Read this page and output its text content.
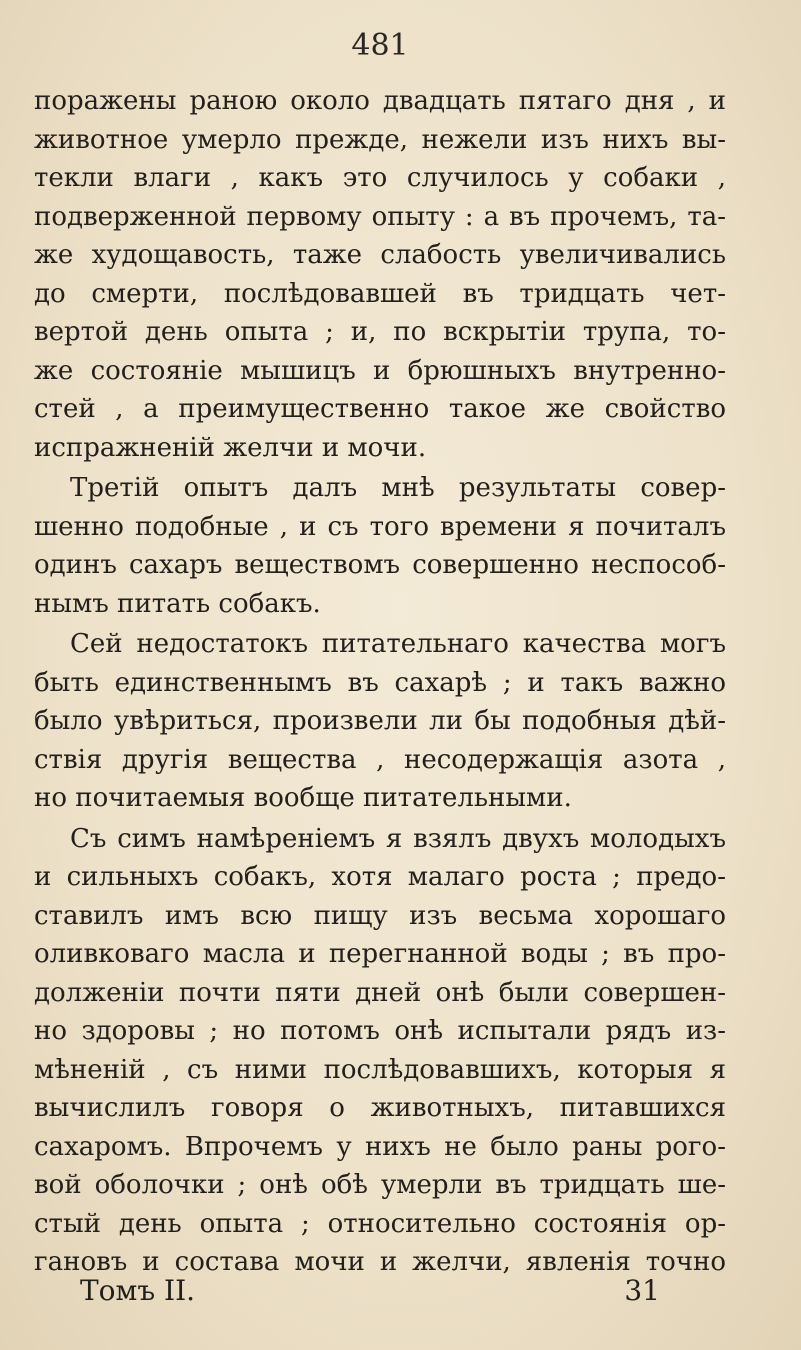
481
поражены раною около двадцать пятаго дня , и
животное умерло прежде, нежели изъ нихъ вы-
текли влаги , какъ это случилось у собаки ,
подверженной первому опыту : а въ прочемъ, та-
же худощавость, таже слабость увеличивались
до смерти, послѣдовавшей въ тридцать чет-
вертой день опыта ; и, по вскрытіи трупа, то-
же состояніе мышицъ и брюшныхъ внутренно-
стей , а преимущественно такое же свойство
испражненій желчи и мочи.
Третій опытъ далъ мнѣ результаты совер-
шенно подобные , и съ того времени я почиталъ
одинъ сахаръ веществомъ совершенно неспособ-
нымъ питать собакъ.
Сей недостатокъ питательнаго качества могъ
быть единственнымъ въ сахарѣ ; и такъ важно
было увѣриться, произвели ли бы подобныя дѣй-
ствія другія вещества , несодержащія азота ,
но почитаемыя вообще питательными.
Съ симъ намѣреніемъ я взялъ двухъ молодыхъ
и сильныхъ собакъ, хотя малаго роста ; предо-
ставилъ имъ всю пищу изъ весьма хорошаго
оливковаго масла и перегнанной воды ; въ про-
долженіи почти пяти дней онѣ были совершен-
но здоровы ; но потомъ онѣ испытали рядъ из-
мѣненій , съ ними послѣдовавшихъ, которыя я
вычислилъ говоря о животныхъ, питавшихся
сахаромъ. Впрочемъ у нихъ не было раны рого-
вой оболочки ; онѣ обѣ умерли въ тридцать ше-
стый день опыта ; относительно состоянія ор-
гановъ и состава мочи и желчи, явленія точно
Томъ II.	31
